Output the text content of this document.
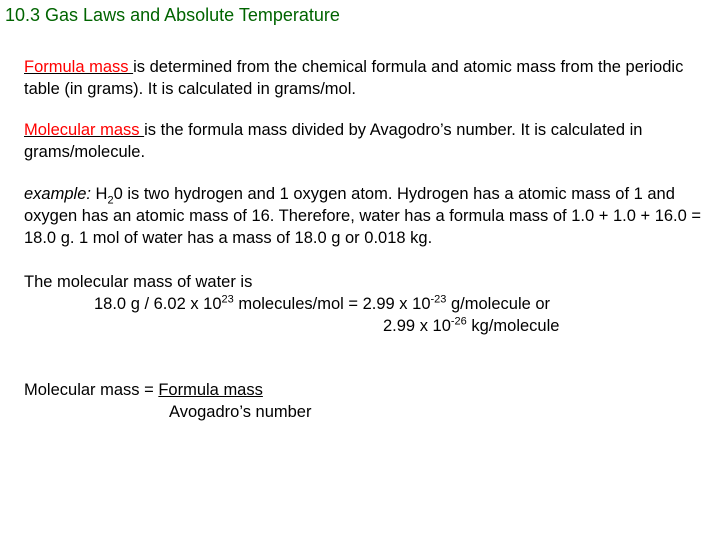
10.3 Gas Laws and Absolute Temperature
Formula mass is determined from the chemical formula and atomic mass from the periodic table (in grams). It is calculated in grams/mol.
Molecular mass is the formula mass divided by Avagodro’s number. It is calculated in grams/molecule.
example: $H_20$ is two hydrogen and 1 oxygen atom. Hydrogen has a atomic mass of 1 and oxygen has an atomic mass of 16. Therefore, water has a formula mass of 1.0 + 1.0 + 16.0 = 18.0 g. 1 mol of water has a mass of 18.0 g or 0.018 kg.
The molecular mass of water is
18.0 g / 6.02 x $10^{23}$ molecules/mol = 2.99 x $10^{-23}$ g/molecule or
2.99 x $10^{-26}$ kg/molecule
Molecular mass = Formula mass
Avogadro’s number
